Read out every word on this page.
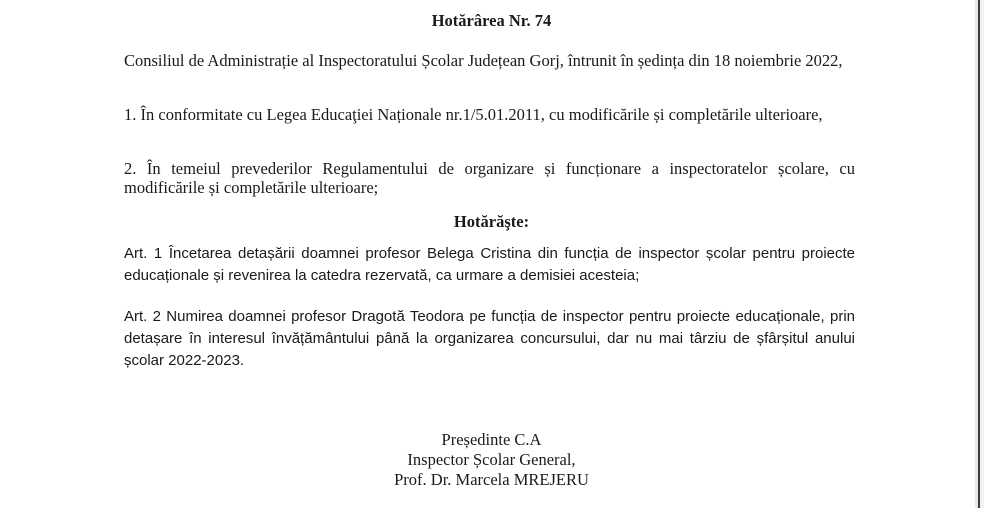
Hotărârea Nr. 74

Consiliul de Administrație al Inspectoratului Școlar Județean Gorj, întrunit în ședința din 18 noiembrie 2022,

1. În conformitate cu Legea Educaţiei Naționale nr.1/5.01.2011, cu modificările și completările ulterioare,

2. În temeiul prevederilor Regulamentului de organizare și funcționare a inspectoratelor școlare, cu modificările și completările ulterioare;

Hotărăşte:

Art. 1 Încetarea detașării doamnei profesor Belega Cristina din funcția de inspector școlar pentru proiecte educaționale și revenirea la catedra rezervată, ca urmare a demisiei acesteia;

Art. 2 Numirea doamnei profesor Dragotă Teodora pe funcția de inspector pentru proiecte educaționale, prin detașare în interesul învățământului până la organizarea concursului, dar nu mai târziu de șfârșitul anului școlar 2022-2023.

Președinte C.A
Inspector Școlar General,
Prof. Dr. Marcela MREJERU
